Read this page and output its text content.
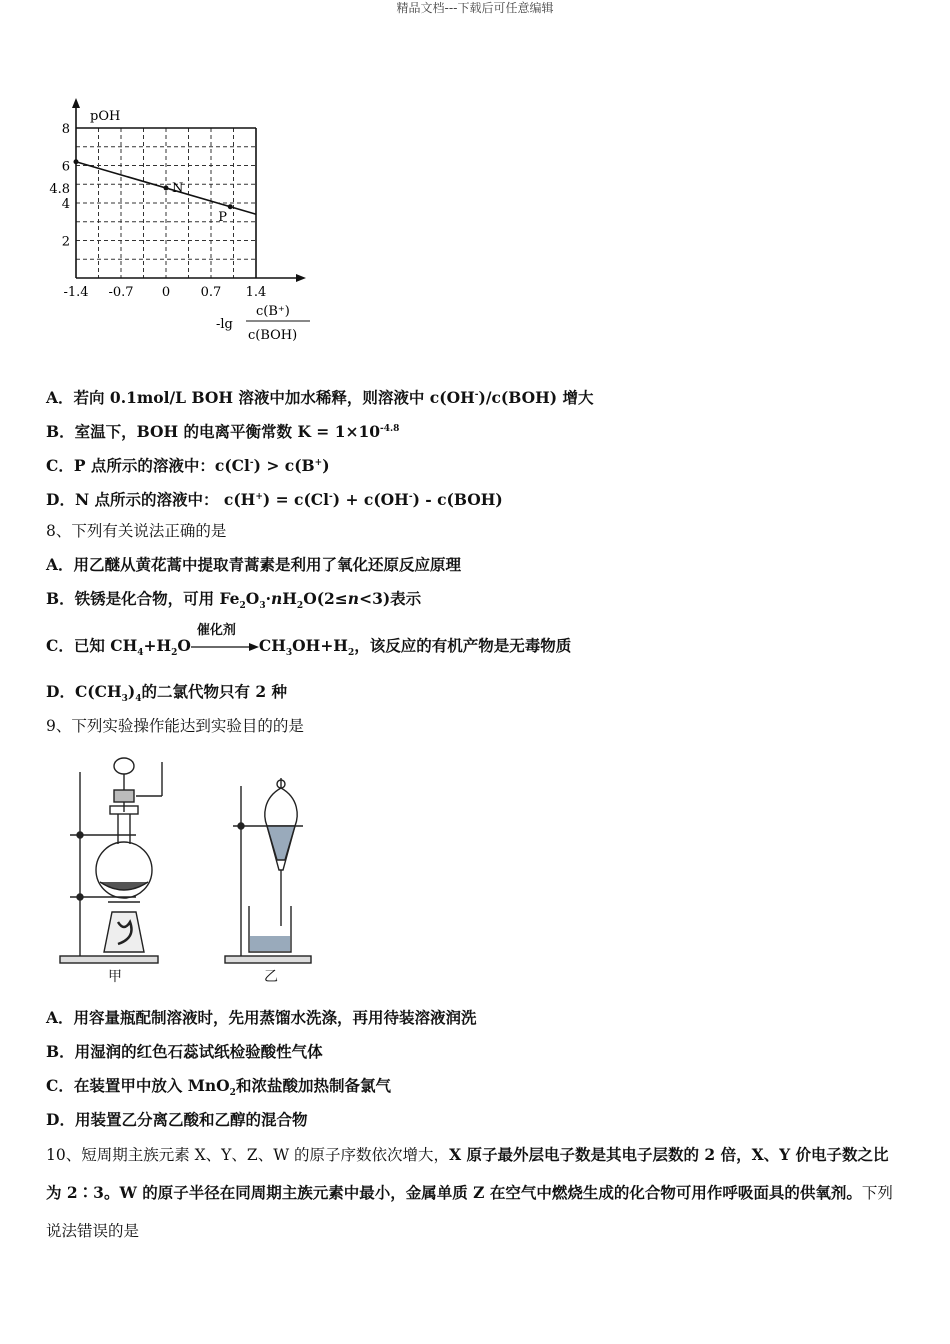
精品文档---下载后可任意编辑
8
6
4.8
4
2
-1.4 -0.7 0 0.7 1.4
N
P
pOH
-lg
c(B⁺)
c(BOH)
A．若向 0.1mol/L BOH 溶液中加水稀释，则溶液中 c(OH-)/c(BOH) 增大
B．室温下，BOH 的电离平衡常数 $K = 1\times 10^{-4.8}$
C．P 点所示的溶液中：c(Cl-) > c(B+)
D．N 点所示的溶液中： c(H+) = c(Cl-) + c(OH-) - c(BOH)
8、下列有关说法正确的是
A．用乙醚从黄花蒿中提取青蒿素是利用了氧化还原反应原理
B．铁锈是化合物，可用 $Fe_2O_3\cdot nH_2O(2\le n<3)$表示
C．已知 $CH_4+H_2O$
催化剂
$CH_3OH+H_2$，该反应的有机产物是无毒物质
D．$C(CH_3)_4$的二氯代物只有 2 种
9、下列实验操作能达到实验目的的是
甲	乙
A．用容量瓶配制溶液时，先用蒸馏水洗涤，再用待装溶液润洗
B．用湿润的红色石蕊试纸检验酸性气体
C．在装置甲中放入 MnO$_2$和浓盐酸加热制备氯气
D．用装置乙分离乙酸和乙醇的混合物
10、短周期主族元素 X、Y、Z、W 的原子序数依次增大，X 原子最外层电子数是其电子层数的 2 倍，X、Y 价电子数之比为 2∶3。W 的原子半径在同周期主族元素中最小，金属单质 Z 在空气中燃烧生成的化合物可用作呼吸面具的供氧剂。下列说法错误的是
